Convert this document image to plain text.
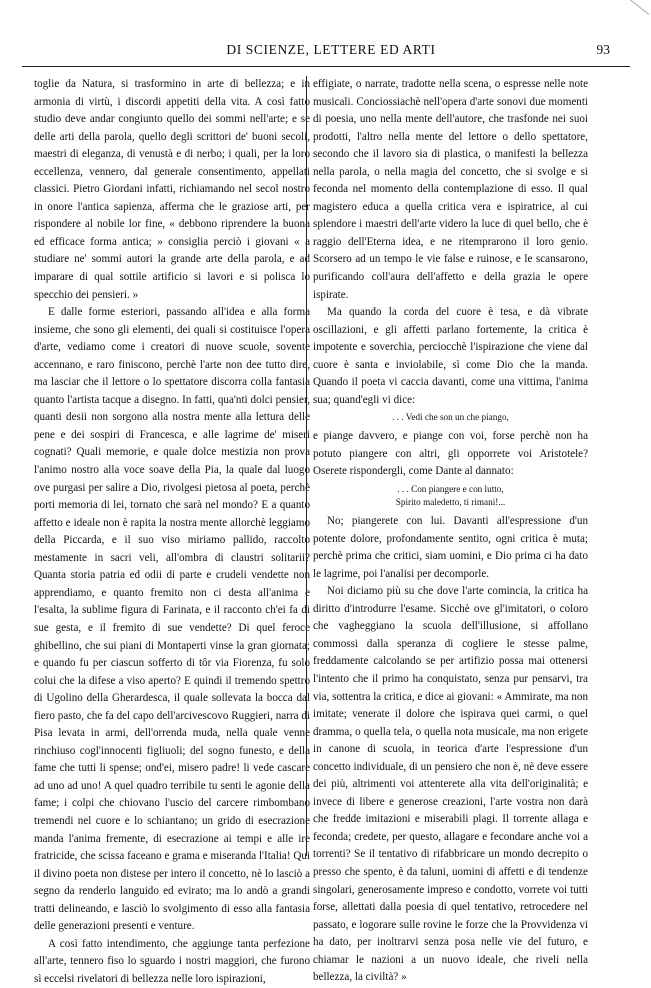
DI SCIENZE, LETTERE ED ARTI	93

toglie da Natura, si trasformino in arte di bellezza; e in armonia di virtù, i discordi appetiti della vita. A così fatto studio deve andar congiunto quello dei sommi nell'arte; e se delle arti della parola, quello degli scrittori de' buoni secoli, maestri di eleganza, di venustà e di nerbo; i quali, per la loro eccellenza, vennero, dal generale consentimento, appellati classici. Pietro Giordani infatti, richiamando nel secol nostro in onore l'antica sapienza, afferma che le graziose arti, per rispondere al nobile lor fine, « debbono riprendere la buona ed efficace forma antica; » consiglia perciò i giovani « a studiare ne' sommi autori la grande arte della parola, e ad imparare di qual sottile artificio si lavori e si polisca lo specchio dei pensieri. »

E dalle forme esteriori, passando all'idea e alla forma insieme, che sono gli elementi, dei quali si costituisce l'opera d'arte, vediamo come i creatori di nuove scuole, sovente accennano, e raro finiscono, perchè l'arte non dee tutto dire, ma lasciar che il lettore o lo spettatore discorra colla fantasia quanto l'artista tacque a disegno. In fatti, qua'nti dolci pensier, quanti desii non sorgono alla nostra mente alla lettura delle pene e dei sospiri di Francesca, e alle lagrime de' miseri cognati? Quali memorie, e quale dolce mestizia non prova l'animo nostro alla voce soave della Pia, la quale dal luogo ove purgasi per salire a Dio, rivolgesi pietosa al poeta, perchè porti memoria di lei, tornato che sarà nel mondo? E a quanto affetto e ideale non è rapita la nostra mente allorchè leggiamo della Piccarda, e il suo viso miriamo pallido, raccolto mestamente in sacri veli, all'ombra di claustri solitarii? Quanta storia patria ed odii di parte e crudeli vendette non apprendiamo, e quanto fremito non ci desta all'anima e l'esalta, la sublime figura di Farinata, e il racconto ch'ei fa di sue gesta, e il fremito di sue vendette? Di quel feroce ghibellino, che sui piani di Montaperti vinse la gran giornata; e quando fu per ciascun sofferto di tôr via Fiorenza, fu solo colui che la difese a viso aperto? E quindi il tremendo spettro di Ugolino della Gherardesca, il quale sollevata la bocca dal fiero pasto, che fa del capo dell'arcivescovo Ruggieri, narra di Pisa levata in armi, dell'orrenda muda, nella quale venne rinchiuso cogl'innocenti figliuoli; del sogno funesto, e della fame che tutti li spense; ond'ei, misero padre! li vede cascare ad uno ad uno! A quel quadro terribile tu senti le agonie della fame; i colpi che chiovano l'uscio del carcere rimbombano tremendi nel cuore e lo schiantano; un grido di esecrazione manda l'anima fremente, di esecrazione ai tempi e alle ire fratricide, che scissa faceano e grama e miseranda l'Italia! Qui il divino poeta non distese per intero il concetto, nè lo lasciò a segno da renderlo languido ed evirato; ma lo andò a grandi tratti delineando, e lasciò lo svolgimento di esso alla fantasia delle generazioni presenti e venture.

A così fatto intendimento, che aggiunge tanta perfezione all'arte, tennero fiso lo sguardo i nostri maggiori, che furono sì eccelsi rivelatori di bellezza nelle loro ispirazioni,

effigiate, o narrate, tradotte nella scena, o espresse nelle note musicali. Conciossiachè nell'opera d'arte sonovi due momenti di poesia, uno nella mente dell'autore, che trasfonde nei suoi prodotti, l'altro nella mente del lettore o dello spettatore, secondo che il lavoro sia di plastica, o manifesti la bellezza nella parola, o nella magia del concetto, che si svolge e si feconda nel momento della contemplazione di esso. Il qual magistero educa a quella critica vera e ispiratrice, al cui splendore i maestri dell'arte videro la luce di quel bello, che è raggio dell'Eterna idea, e ne ritemprarono il loro genio. Scorsero ad un tempo le vie false e ruinose, e le scansarono, purificando coll'aura dell'affetto e della grazia le opere ispirate.

Ma quando la corda del cuore è tesa, e dà vibrate oscillazioni, e gli affetti parlano fortemente, la critica è impotente e soverchia, perciocchè l'ispirazione che viene dal cuore è santa e inviolabile, sì come Dio che la manda. Quando il poeta vi caccia davanti, come una vittima, l'anima sua; quand'egli vi dice:

. . . Vedi che son un che piango,

e piange davvero, e piange con voi, forse perchè non ha potuto piangere con altri, gli opporrete voi Aristotele? Oserete rispondergli, come Dante al dannato:

. . . Con piangere e con lutto,
Spirito maledetto, ti rimani!...

No; piangerete con lui. Davanti all'espressione d'un potente dolore, profondamente sentito, ogni critica è muta; perchè prima che critici, siam uomini, e Dio prima ci ha dato le lagrime, poi l'analisi per decomporle.

Noi diciamo più su che dove l'arte comincia, la critica ha diritto d'introdurre l'esame. Sicchè ove gl'imitatori, o coloro che vagheggiano la scuola dell'illusione, si affollano commossi dalla speranza di cogliere le stesse palme, freddamente calcolando se per artifizio possa mai ottenersi l'intento che il primo ha conquistato, senza pur pensarvi, tra via, sottentra la critica, e dice ai giovani: « Ammirate, ma non imitate; venerate il dolore che ispirava quei carmi, o quel dramma, o quella tela, o quella nota musicale, ma non erigete in canone di scuola, in teorica d'arte l'espressione d'un concetto individuale, di un pensiero che non è, nè deve essere dei più, altrimenti voi attenterete alla vita dell'originalità; e invece di libere e generose creazioni, l'arte vostra non darà che fredde imitazioni e miserabili plagi. Il torrente allaga e feconda; credete, per questo, allagare e fecondare anche voi a torrenti? Se il tentativo di rifabbricare un mondo decrepito o presso che spento, è da taluni, uomini di affetti e di tendenze singolari, generosamente impreso e condotto, vorrete voi tutti forse, allettati dalla poesia di quel tentativo, retrocedere nel passato, e logorare sulle rovine le forze che la Provvidenza vi ha dato, per inoltrarvi senza posa nelle vie del futuro, e chiamar le nazioni a un nuovo ideale, che riveli nella bellezza, la civiltà? »
